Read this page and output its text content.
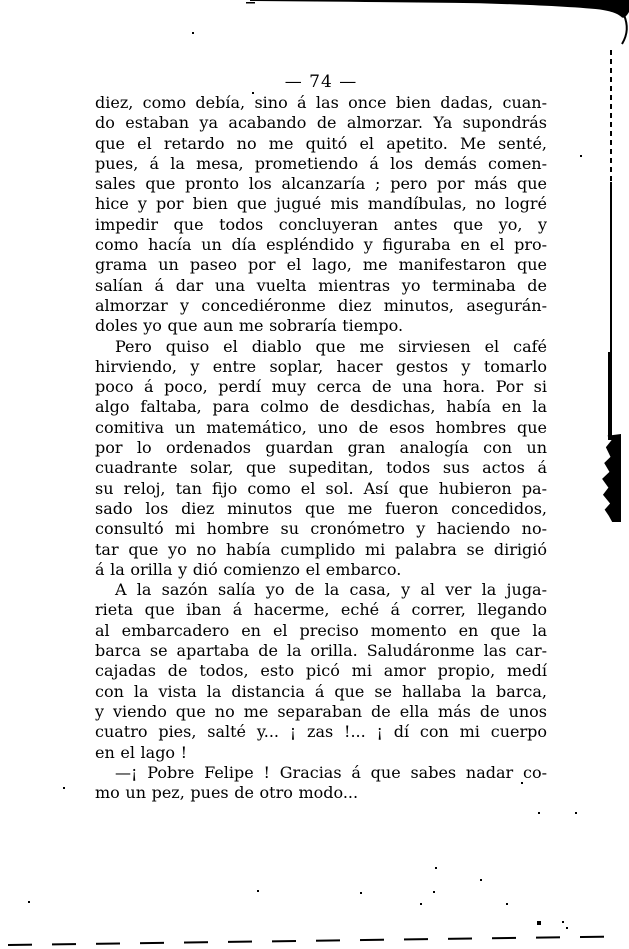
— 74 —
diez, como debía, sino á las once bien dadas, cuan-
do estaban ya acabando de almorzar. Ya supondrás
que el retardo no me quitó el apetito. Me senté,
pues, á la mesa, prometiendo á los demás comen-
sales que pronto los alcanzaría ; pero por más que
hice y por bien que jugué mis mandíbulas, no logré
impedir que todos concluyeran antes que yo, y
como hacía un día espléndido y figuraba en el pro-
grama un paseo por el lago, me manifestaron que
salían á dar una vuelta mientras yo terminaba de
almorzar y concediéronme diez minutos, asegurán-
doles yo que aun me sobraría tiempo.
Pero quiso el diablo que me sirviesen el café
hirviendo, y entre soplar, hacer gestos y tomarlo
poco á poco, perdí muy cerca de una hora. Por si
algo faltaba, para colmo de desdichas, había en la
comitiva un matemático, uno de esos hombres que
por lo ordenados guardan gran analogía con un
cuadrante solar, que supeditan, todos sus actos á
su reloj, tan fijo como el sol. Así que hubieron pa-
sado los diez minutos que me fueron concedidos,
consultó mi hombre su cronómetro y haciendo no-
tar que yo no había cumplido mi palabra se dirigió
á la orilla y dió comienzo el embarco.
A la sazón salía yo de la casa, y al ver la juga-
rieta que iban á hacerme, eché á correr, llegando
al embarcadero en el preciso momento en que la
barca se apartaba de la orilla. Saludáronme las car-
cajadas de todos, esto picó mi amor propio, medí
con la vista la distancia á que se hallaba la barca,
y viendo que no me separaban de ella más de unos
cuatro pies, salté y... ¡ zas !... ¡ dí con mi cuerpo
en el lago !
—¡ Pobre Felipe ! Gracias á que sabes nadar co-
mo un pez, pues de otro modo...
